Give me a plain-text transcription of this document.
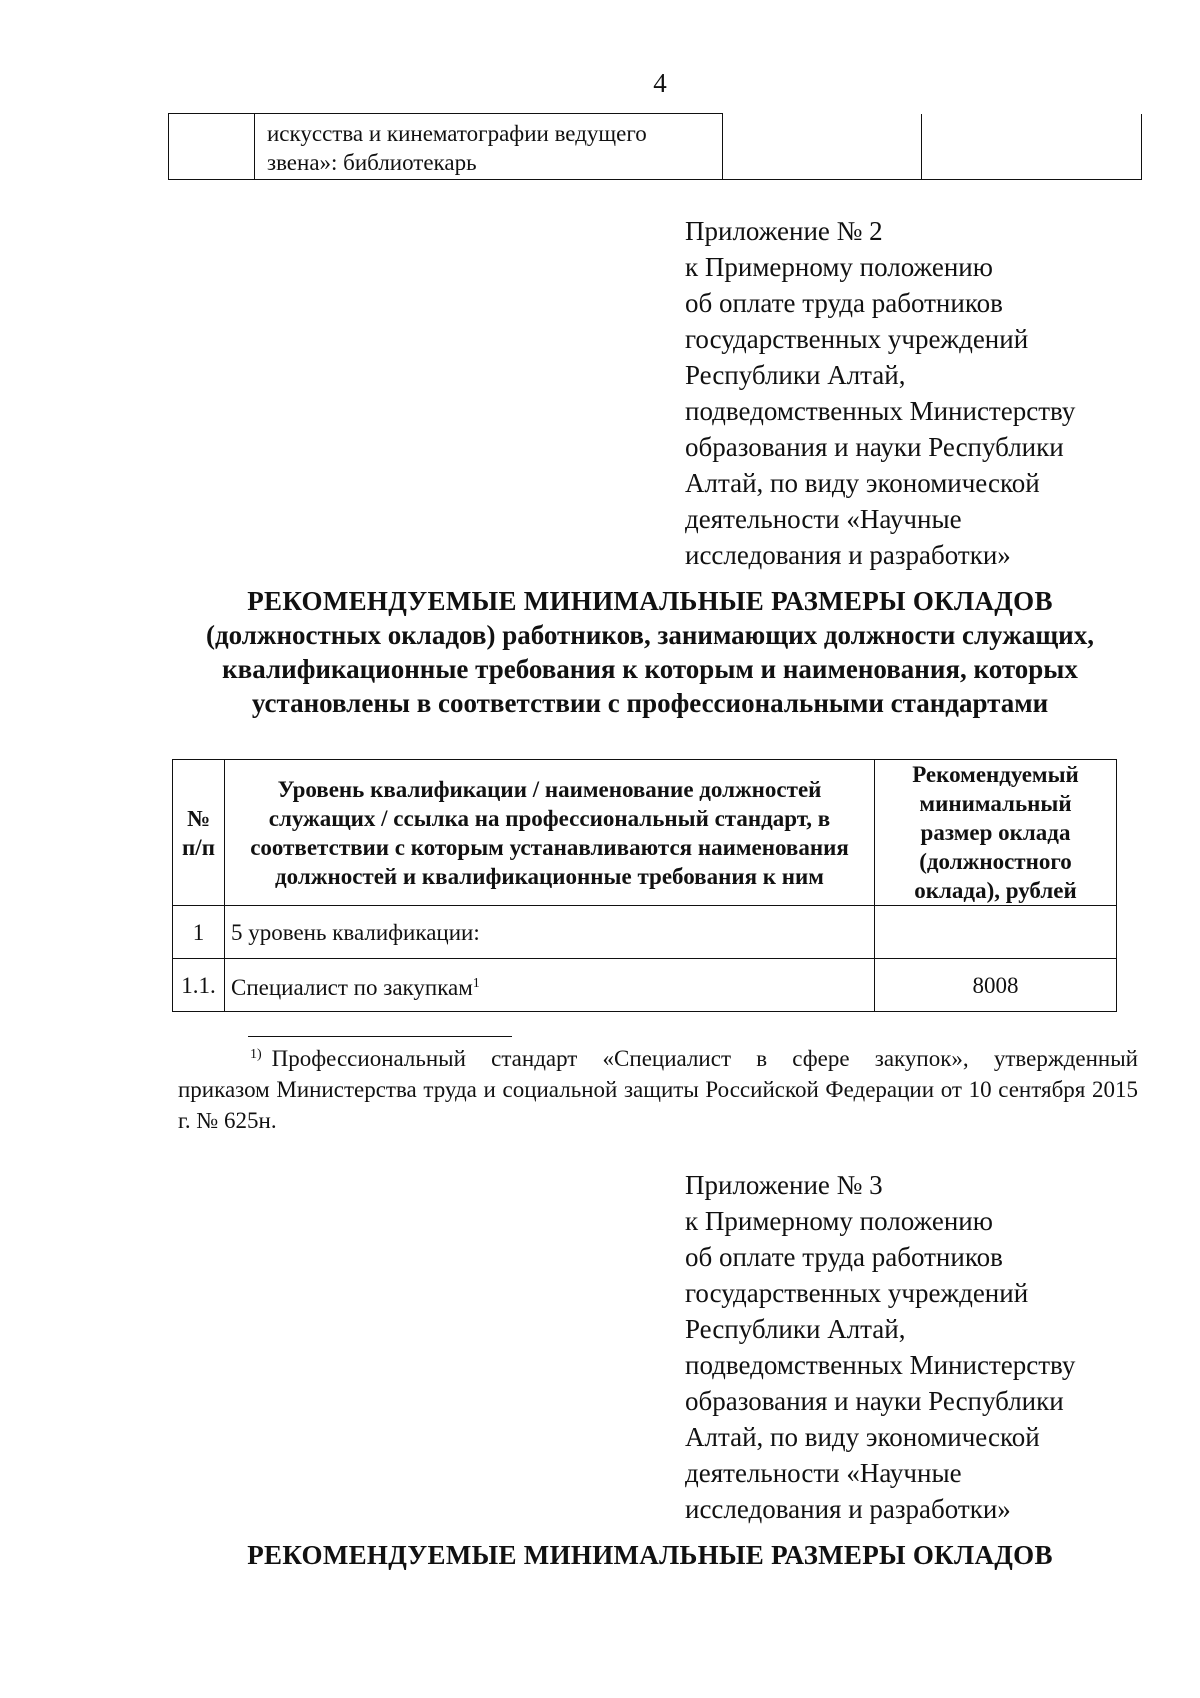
4
	искусства и кинематографии ведущего
звена»: библиотекарь		
Приложение № 2
к Примерному положению
об оплате труда работников
государственных учреждений
Республики Алтай,
подведомственных Министерству
образования и науки Республики
Алтай, по виду экономической
деятельности «Научные
исследования и разработки»
РЕКОМЕНДУЕМЫЕ МИНИМАЛЬНЫЕ РАЗМЕРЫ ОКЛАДОВ
(должностных окладов) работников, занимающих должности служащих,
квалификационные требования к которым и наименования, которых
установлены в соответствии с профессиональными стандартами
№ п/п	Уровень квалификации / наименование должностей служащих / ссылка на профессиональный стандарт, в соответствии с которым устанавливаются наименования должностей и квалификационные требования к ним	Рекомендуемый минимальный размер оклада (должностного оклада), рублей
1	5 уровень квалификации:	
1.1.	Специалист по закупкам$^1$	8008
$^{1)}$ Профессиональный стандарт «Специалист в сфере закупок», утвержденный
приказом Министерства труда и социальной защиты Российской Федерации от 10 сентября 2015 г. № 625н.
Приложение № 3
к Примерному положению
об оплате труда работников
государственных учреждений
Республики Алтай,
подведомственных Министерству
образования и науки Республики
Алтай, по виду экономической
деятельности «Научные
исследования и разработки»
РЕКОМЕНДУЕМЫЕ МИНИМАЛЬНЫЕ РАЗМЕРЫ ОКЛАДОВ
